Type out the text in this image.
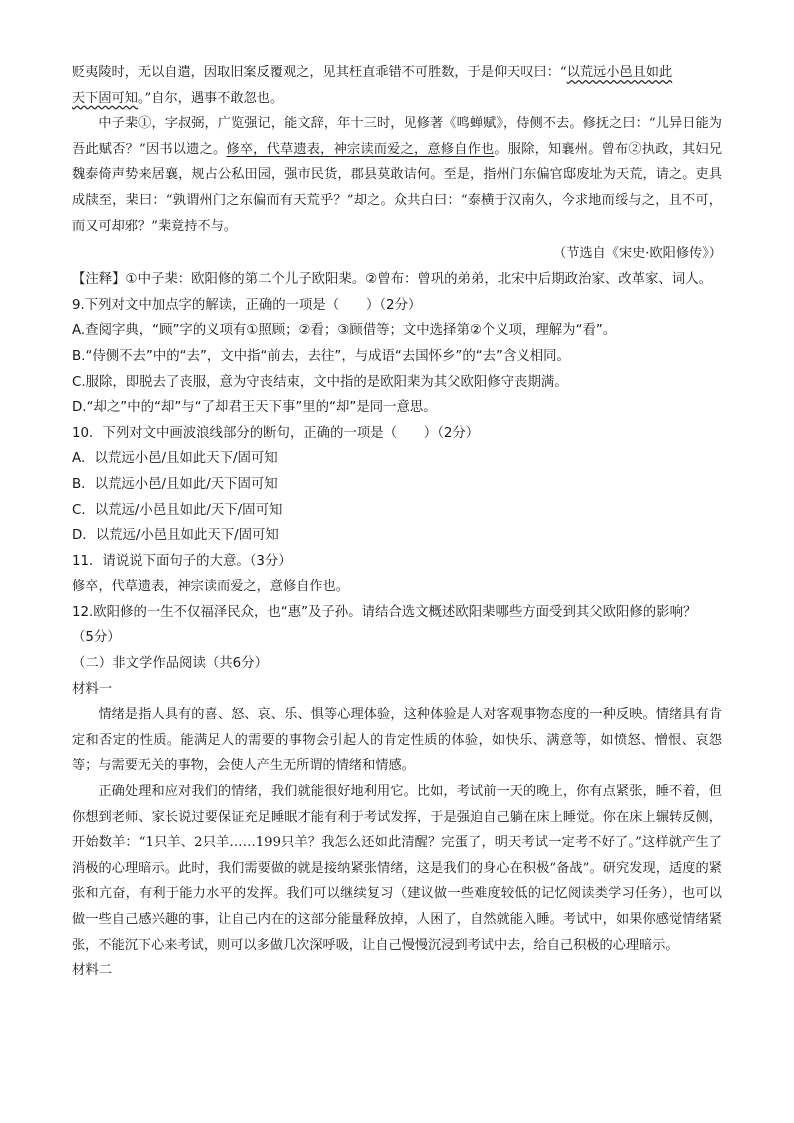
贬夷陵时，无以自遣，因取旧案反覆观之，见其枉直乖错不可胜数，于是仰天叹曰：“以荒远小邑且如此
天下固可知。”自尔，遇事不敢忽也。

中子棐①，字叔弼，广览强记，能文辞，年十三时，见修著《鸣蝉赋》，侍侧不去。修抚之曰：“儿异日能为吾此赋否？”因书以遗之。修卒，代草遗表，神宗读而爱之，意修自作也。服除，知襄州。曾布②执政，其妇兄魏泰倚声势来居襄，规占公私田园，强市民货，郡县莫敢诘何。至是，指州门东偏官邸废址为天荒，请之。吏具成牍至，棐曰：“孰谓州门之东偏而有天荒乎？”却之。众共白曰：“泰横于汉南久，今求地而绥与之，且不可，而又可却邪？”棐竟持不与。

（节选自《宋史·欧阳修传》）

【注释】①中子棐：欧阳修的第二个儿子欧阳棐。②曾布：曾巩的弟弟，北宋中后期政治家、改革家、词人。

9.下列对文中加点字的解读，正确的一项是（　　）（2分）

A.查阅字典，“顾”字的义项有①照顾；②看；③顾借等；文中选择第②个义项，理解为“看”。

B.“侍侧不去”中的“去”，文中指“前去，去往”，与成语“去国怀乡”的“去”含义相同。

C.服除，即脱去了丧服，意为守丧结束，文中指的是欧阳棐为其父欧阳修守丧期满。

D.“却之”中的“却”与“了却君王天下事”里的“却”是同一意思。

10．下列对文中画波浪线部分的断句，正确的一项是（　　）（2分）

A．以荒远小邑/且如此天下/固可知

B．以荒远小邑/且如此/天下固可知

C．以荒远/小邑且如此/天下/固可知

D．以荒远/小邑且如此天下/固可知

11．请说说下面句子的大意。（3分）

修卒，代草遗表，神宗读而爱之，意修自作也。

12.欧阳修的一生不仅福泽民众，也“惠”及子孙。请结合选文概述欧阳棐哪些方面受到其父欧阳修的影响？
（5分）

（二）非文学作品阅读（共6分）

材料一

情绪是指人具有的喜、怒、哀、乐、惧等心理体验，这种体验是人对客观事物态度的一种反映。情绪具有肯定和否定的性质。能满足人的需要的事物会引起人的肯定性质的体验，如快乐、满意等，如愤怒、憎恨、哀怨等；与需要无关的事物，会使人产生无所谓的情绪和情感。

正确处理和应对我们的情绪，我们就能很好地利用它。比如，考试前一天的晚上，你有点紧张，睡不着，但你想到老师、家长说过要保证充足睡眠才能有利于考试发挥，于是强迫自己躺在床上睡觉。你在床上辗转反侧，开始数羊：“1只羊、2只羊……199只羊？我怎么还如此清醒？完蛋了，明天考试一定考不好了。”这样就产生了消极的心理暗示。此时，我们需要做的就是接纳紧张情绪，这是我们的身心在积极“备战”。研究发现，适度的紧张和亢奋，有利于能力水平的发挥。我们可以继续复习（建议做一些难度较低的记忆阅读类学习任务），也可以做一些自己感兴趣的事，让自己内在的这部分能量释放掉，人困了，自然就能入睡。考试中，如果你感觉情绪紧张，不能沉下心来考试，则可以多做几次深呼吸，让自己慢慢沉浸到考试中去，给自己积极的心理暗示。

材料二
